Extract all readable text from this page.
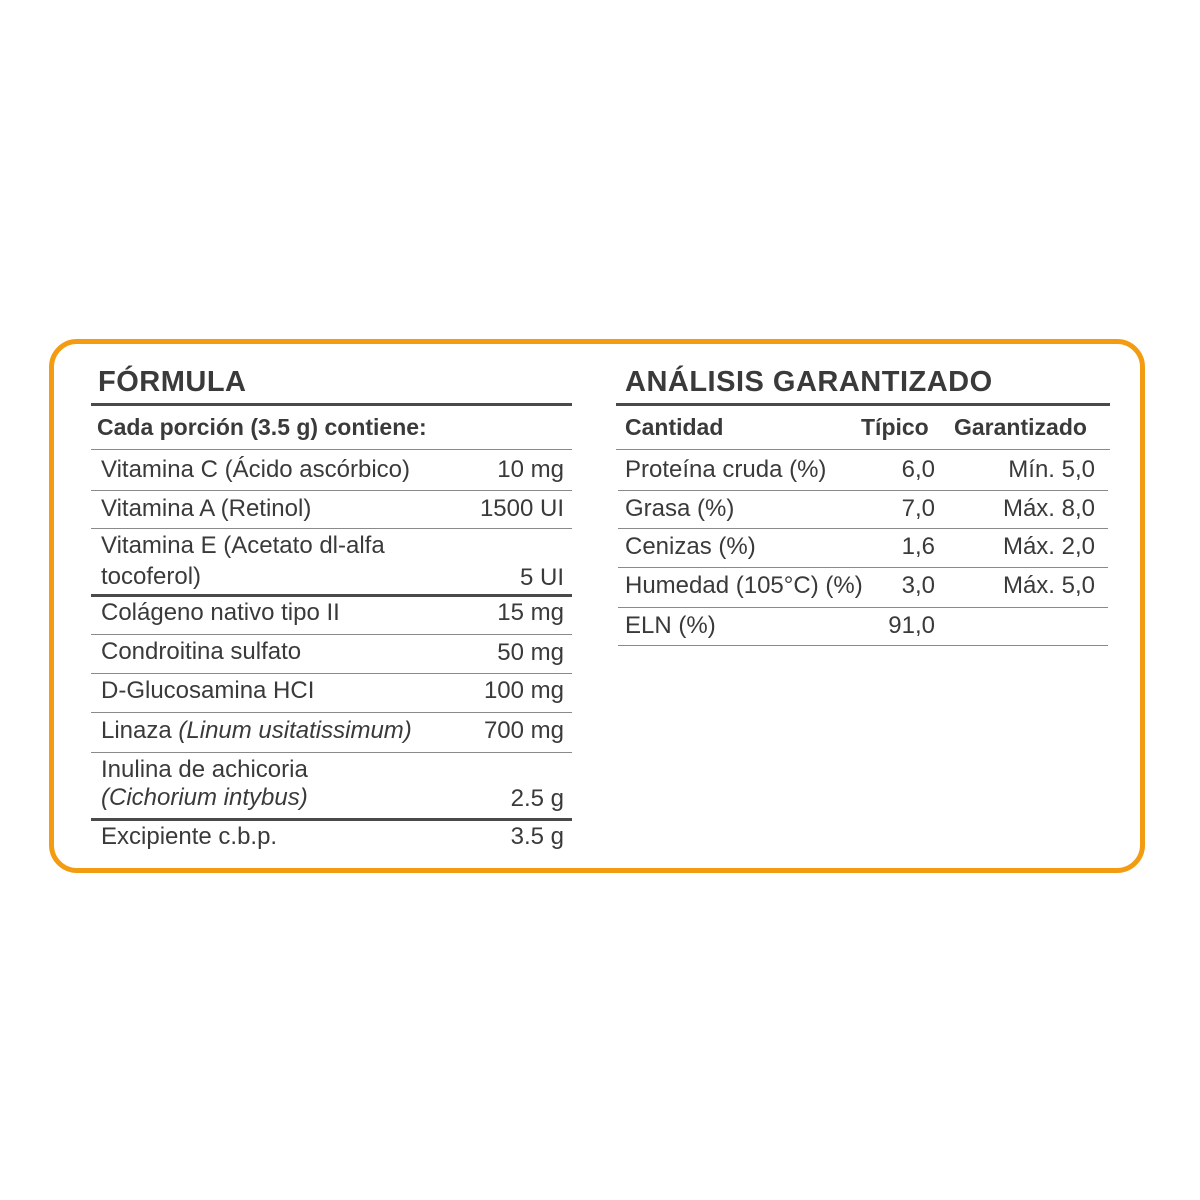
FÓRMULA
Cada porción (3.5 g) contiene:
Vitamina C (Ácido ascórbico)	10 mg
Vitamina A (Retinol)	1500 UI
Vitamina E (Acetato dl-alfa
tocoferol)	5 UI
Colágeno nativo tipo II	15 mg
Condroitina sulfato	50 mg
D-Glucosamina HCI	100 mg
Linaza (Linum usitatissimum)	700 mg
Inulina de achicoria
(Cichorium intybus)	2.5 g
Excipiente c.b.p.	3.5 g
ANÁLISIS GARANTIZADO
Cantidad	Típico Garantizado
Proteína cruda (%)	6,0	Mín. 5,0
Grasa (%)	7,0	Máx. 8,0
Cenizas (%)	1,6	Máx. 2,0
Humedad (105°C) (%)	3,0	Máx. 5,0
ELN (%)	91,0
